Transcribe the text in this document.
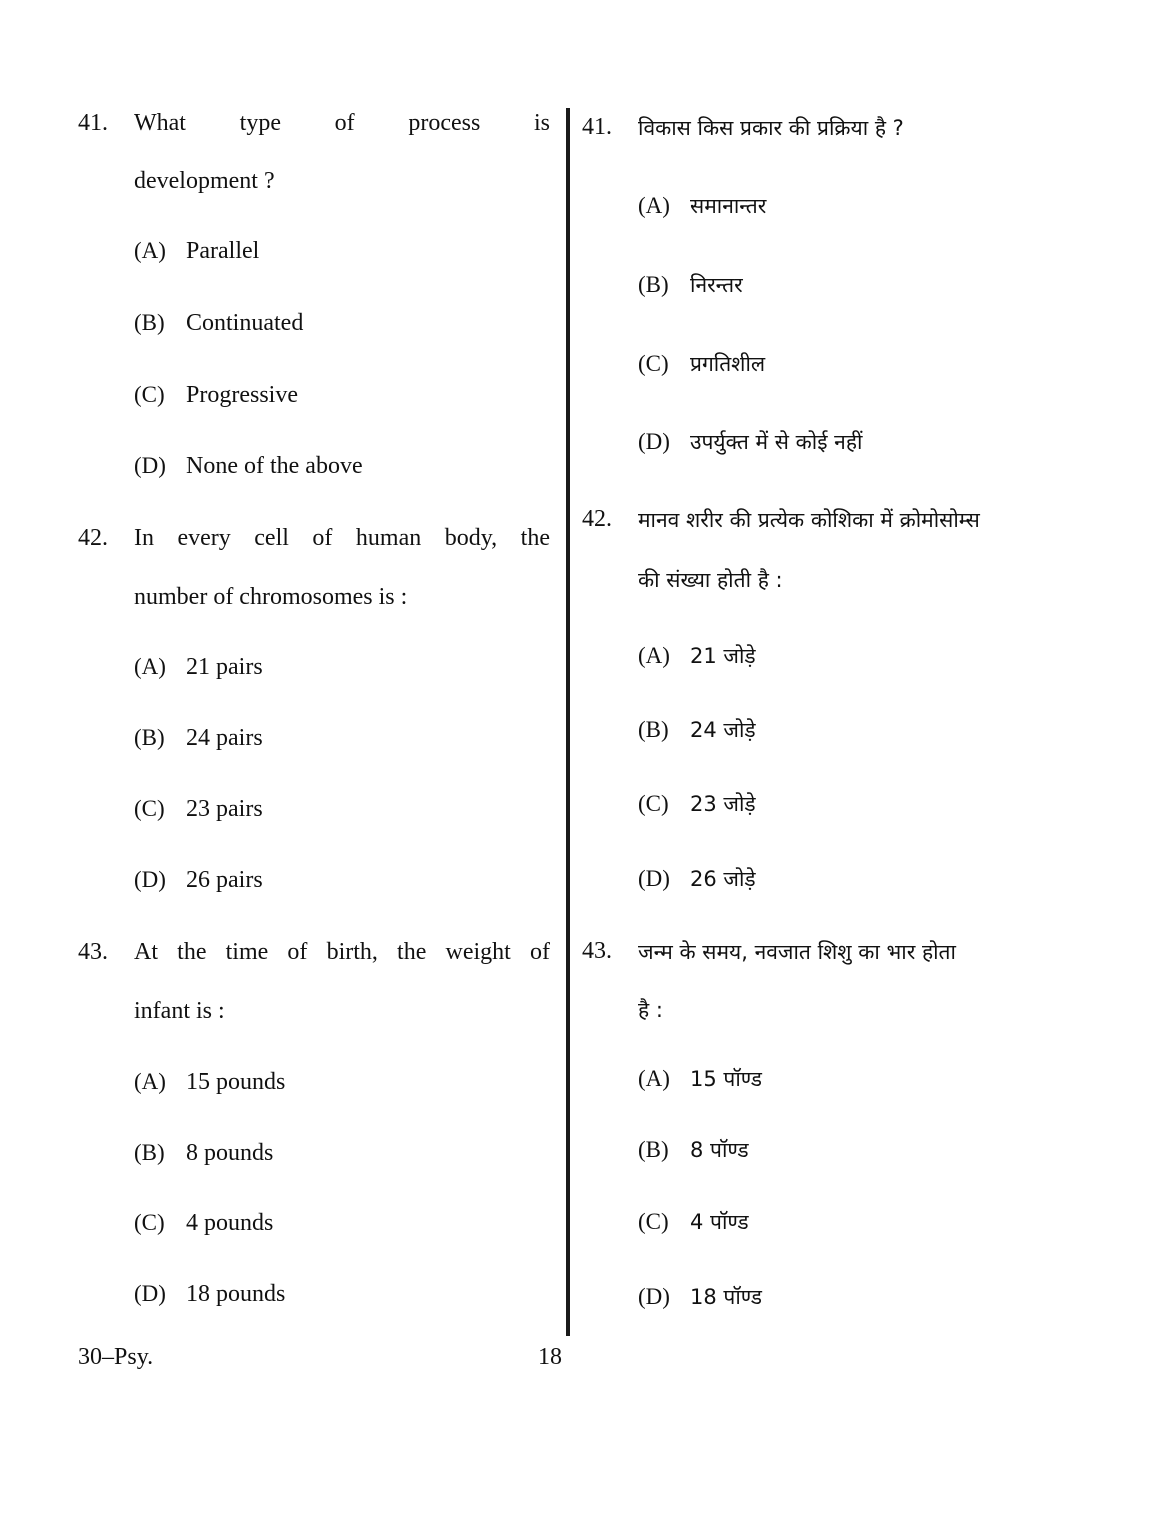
41. What type of process is
development ?
(A) Parallel
(B) Continuated
(C) Progressive
(D) None of the above
42. In every cell of human body, the
number of chromosomes is :
(A) 21 pairs
(B) 24 pairs
(C) 23 pairs
(D) 26 pairs
43. At the time of birth, the weight of
infant is :
(A) 15 pounds
(B) 8 pounds
(C) 4 pounds
(D) 18 pounds
41. विकास किस प्रकार की प्रक्रिया है ?
(A) समानान्तर
(B) निरन्तर
(C) प्रगतिशील
(D) उपर्युक्त में से कोई नहीं
42. मानव शरीर की प्रत्येक कोशिका में क्रोमोसोम्स
की संख्या होती है :
(A) 21 जोड़े
(B) 24 जोड़े
(C) 23 जोड़े
(D) 26 जोड़े
43. जन्म के समय, नवजात शिशु का भार होता
है :
(A) 15 पॉण्ड
(B) 8 पॉण्ड
(C) 4 पॉण्ड
(D) 18 पॉण्ड
30–Psy.	18
